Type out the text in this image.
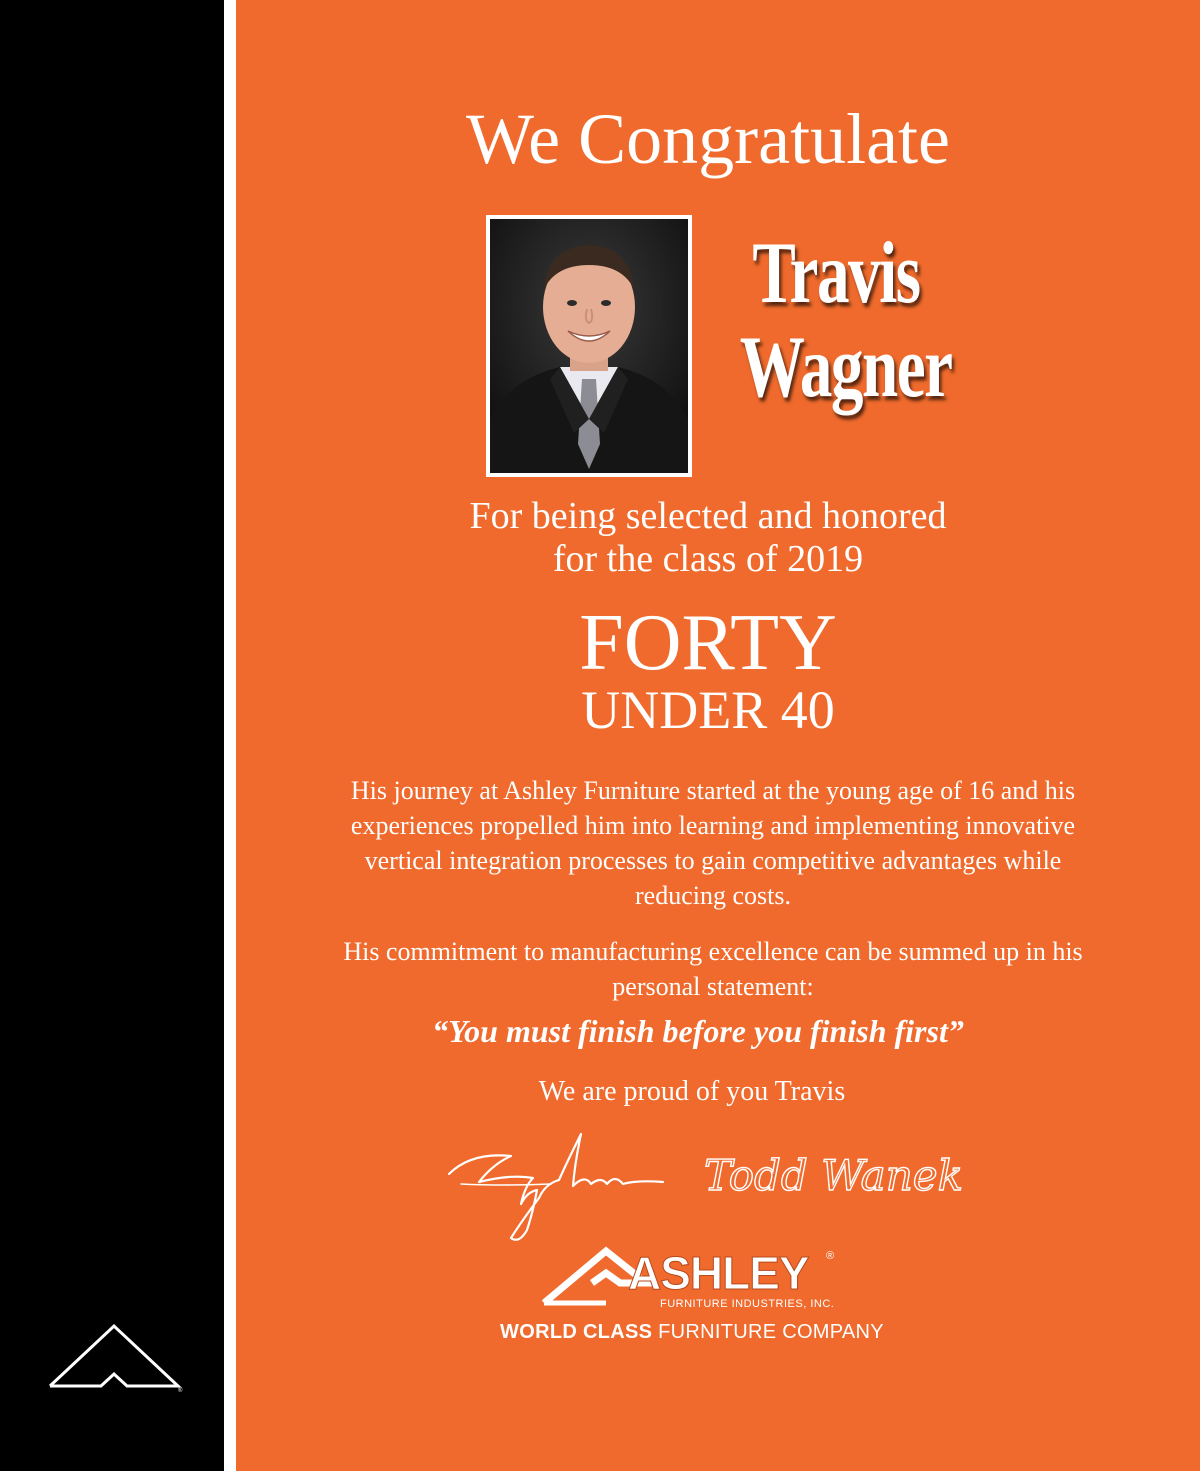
®
We Congratulate
Travis
Wagner
For being selected and honored
for the class of 2019
FORTY
UNDER 40

His journey at Ashley Furniture started at the young age of 16 and his experiences propelled him into learning and implementing innovative vertical integration processes to gain competitive advantages while reducing costs.

His commitment to manufacturing excellence can be summed up in his personal statement:

“You must finish before you finish first”
We are proud of you Travis
Todd Wanek
ASHLEY ®
FURNITURE INDUSTRIES, INC.
WORLD CLASS FURNITURE COMPANY
